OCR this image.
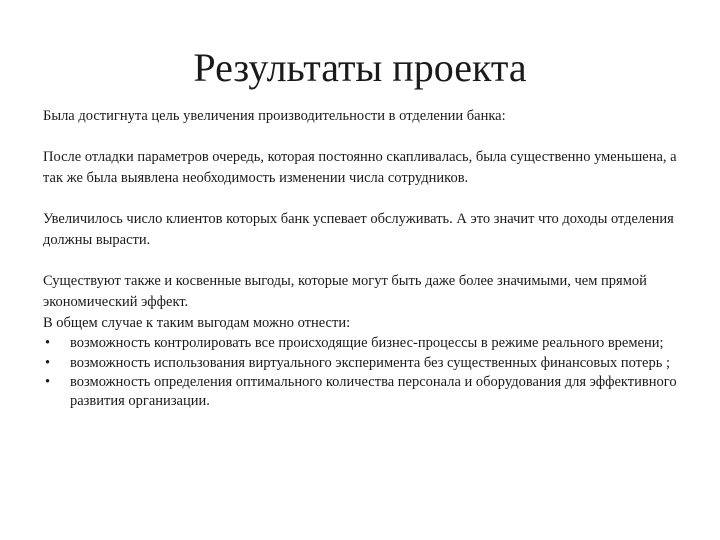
Результаты проекта

Была достигнута цель увеличения производительности в отделении банка:

После отладки параметров очередь, которая постоянно скапливалась, была существенно уменьшена, а так же была выявлена необходимость изменении числа сотрудников.

Увеличилось число клиентов которых банк успевает обслуживать. А это значит что доходы отделения должны вырасти.

Существуют также и косвенные выгоды, которые могут быть даже более значимыми, чем прямой экономический эффект.

В общем случае к таким выгодам можно отнести:

• возможность контролировать все происходящие бизнес-процессы в режиме реального времени;
• возможность использования виртуального эксперимента без существенных финансовых потерь ;
• возможность определения оптимального количества персонала и оборудования для эффективного развития организации.
